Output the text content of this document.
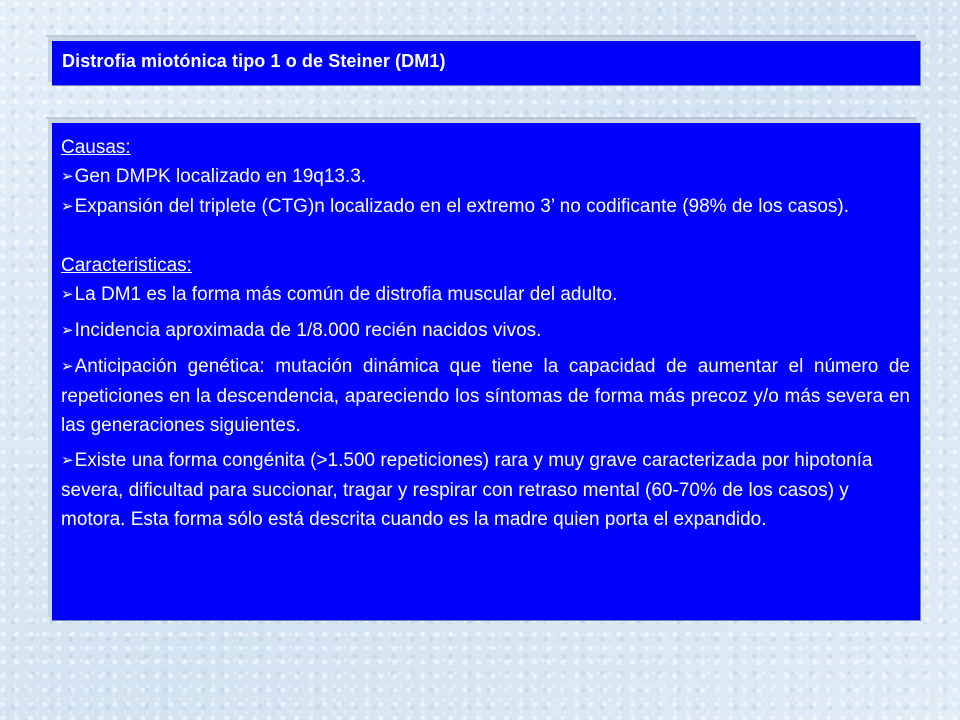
Distrofia miotónica tipo 1 o de Steiner (DM1)
Causas:
➢Gen DMPK localizado en 19q13.3.
➢Expansión del triplete (CTG)n localizado en el extremo 3’ no codificante (98% de los casos).
Caracteristicas:
➢La DM1 es la forma más común de distrofia muscular del adulto.
➢Incidencia aproximada de 1/8.000 recién nacidos vivos.
➢Anticipación genética: mutación dinámica que tiene la capacidad de aumentar el número de repeticiones en la descendencia, apareciendo los síntomas de forma más precoz y/o más severa en las generaciones siguientes.
➢Existe una forma congénita (>1.500 repeticiones) rara y muy grave caracterizada por hipotonía severa, dificultad para succionar, tragar y respirar con retraso mental (60-70% de los casos) y motora. Esta forma sólo está descrita cuando es la madre quien porta el expandido.
